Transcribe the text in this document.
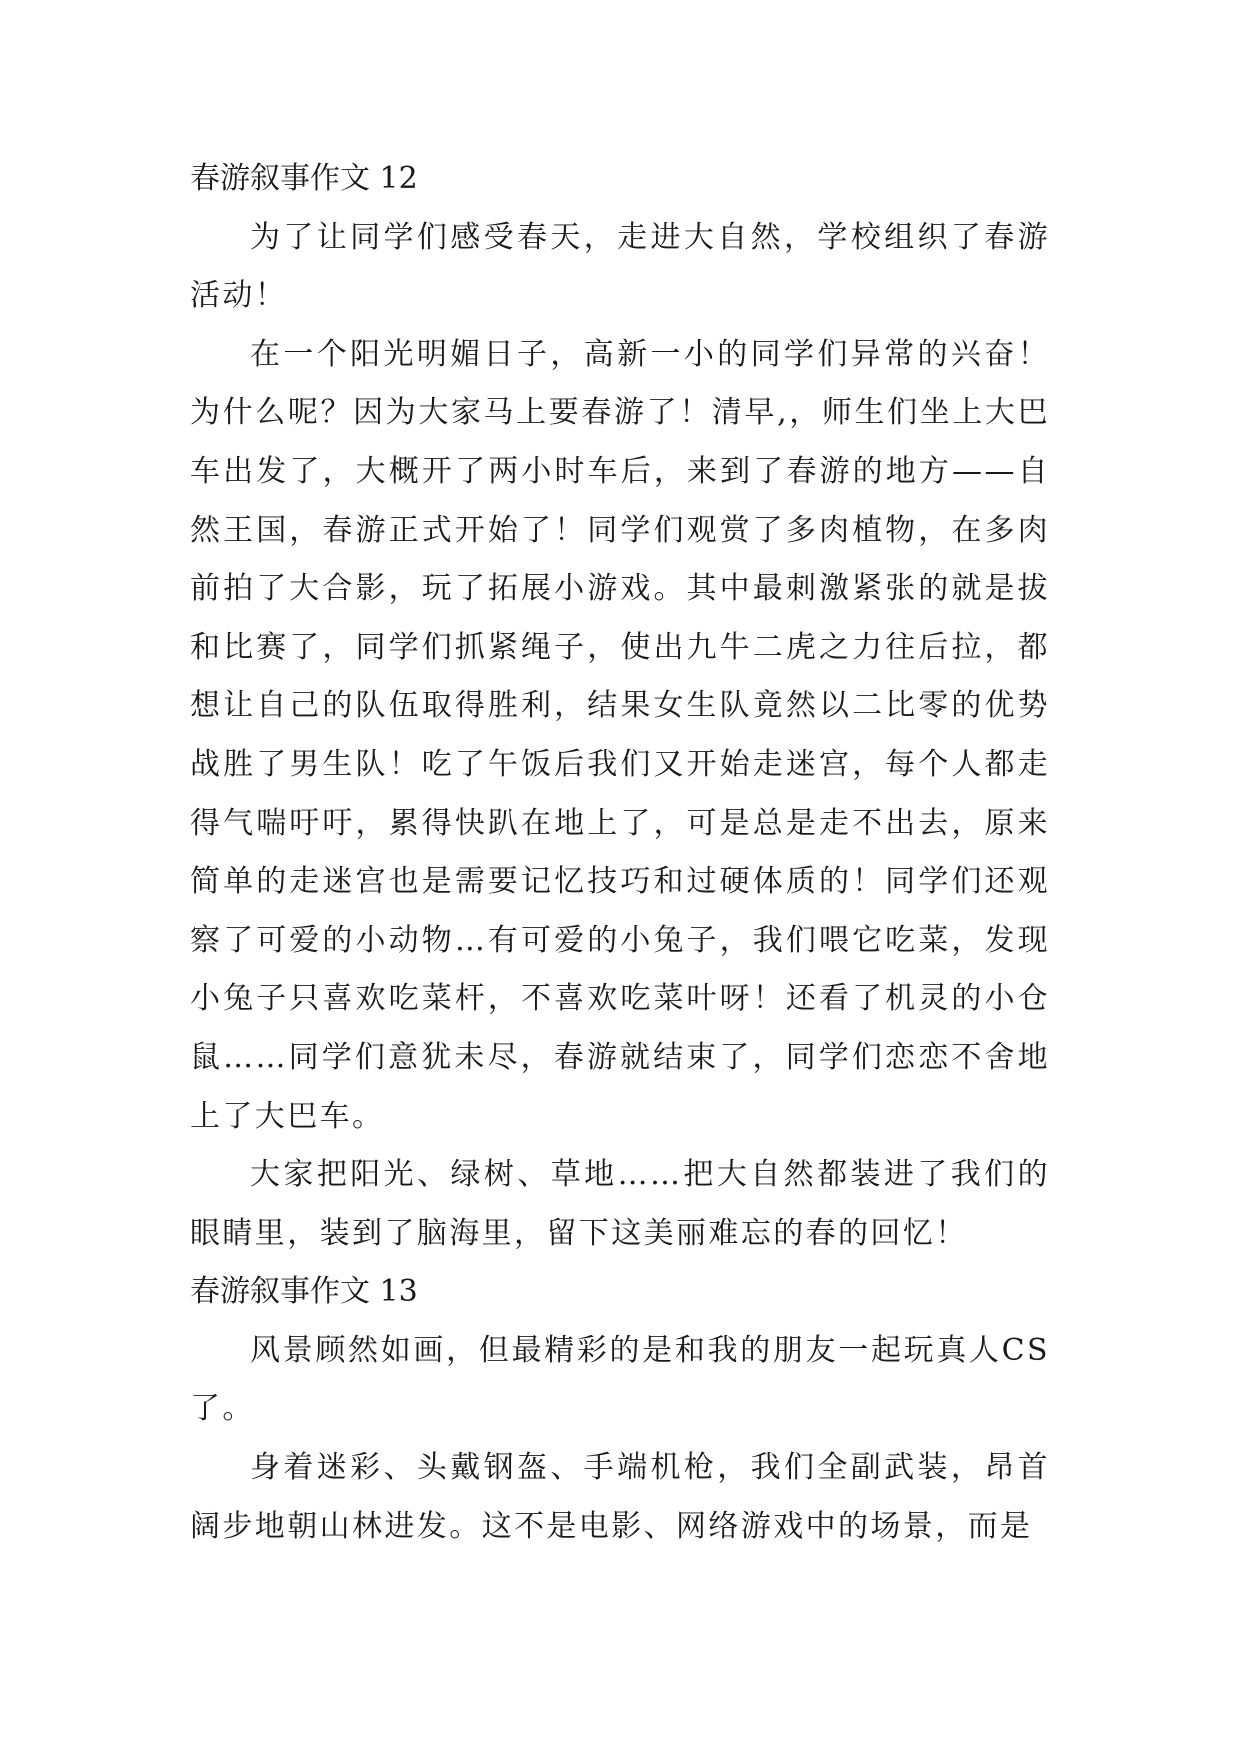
春游叙事作文 12

为了让同学们感受春天，走进大自然，学校组织了春游活动！

在一个阳光明媚日子，高新一小的同学们异常的兴奋！为什么呢？因为大家马上要春游了！清早,，师生们坐上大巴车出发了，大概开了两小时车后，来到了春游的地方——自然王国，春游正式开始了！同学们观赏了多肉植物，在多肉前拍了大合影，玩了拓展小游戏。其中最刺激紧张的就是拔和比赛了，同学们抓紧绳子，使出九牛二虎之力往后拉，都想让自己的队伍取得胜利，结果女生队竟然以二比零的优势战胜了男生队！吃了午饭后我们又开始走迷宫，每个人都走得气喘吁吁，累得快趴在地上了，可是总是走不出去，原来简单的走迷宫也是需要记忆技巧和过硬体质的！同学们还观察了可爱的小动物…有可爱的小兔子，我们喂它吃菜，发现小兔子只喜欢吃菜杆，不喜欢吃菜叶呀！还看了机灵的小仓鼠……同学们意犹未尽，春游就结束了，同学们恋恋不舍地上了大巴车。

大家把阳光、绿树、草地……把大自然都装进了我们的眼睛里，装到了脑海里，留下这美丽难忘的春的回忆！

春游叙事作文 13

风景顾然如画，但最精彩的是和我的朋友一起玩真人CS了。

身着迷彩、头戴钢盔、手端机枪，我们全副武装，昂首阔步地朝山林进发。这不是电影、网络游戏中的场景，而是
